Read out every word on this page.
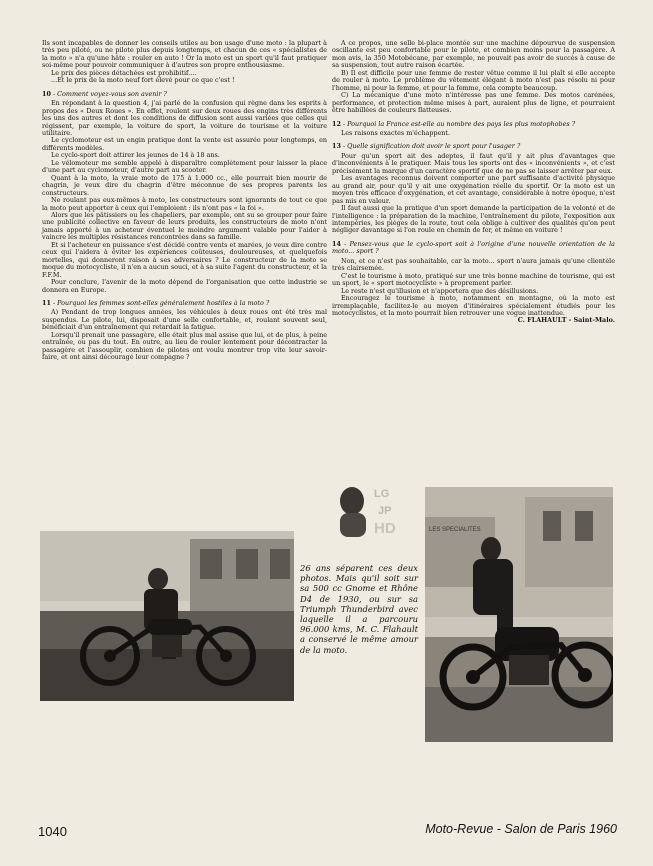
Ils sont incapables de donner les conseils utiles au bon usage d'une moto : la plupart à très peu piloté, ou ne pilote plus depuis longtemps, et chacun de ces « spécialistes de la moto » n'a qu'une hâte : rouler en auto ! Or la moto est un sport qu'il faut pratiquer soi-même pour pouvoir communiquer à d'autres son propre enthousiasme.

Le prix des pièces détachées est prohibitif....

...Et le prix de la moto neuf fort élevé pour ce que c'est !

10 - Comment voyez-vous son avenir ?

En répondant à la question 4, j'ai parlé de la confusion qui règne dans les esprits à propos des « Deux Roues ». En effet, roulent sur deux roues des engins très différents les uns des autres et dont les conditions de diffusion sont aussi variées que celles qui régissent, par exemple, la voiture de sport, la voiture de tourisme et la voiture utilitaire.

Le cyclomoteur est un engin pratique dont la vente est assurée pour longtemps, en différents modèles.

Le cyclo-sport doit attirer les jeunes de 14 à 18 ans.

Le vélomoteur me semble appelé à disparaître complètement pour laisser la place d'une part au cyclomoteur, d'autre part au scooter.

Quant à la moto, la vraie moto de 175 à 1.000 cc., elle pourrait bien mourir de chagrin, je veux dire du chagrin d'être méconnue de ses propres parents les constructeurs.

Ne roulant pas eux-mêmes à moto, les constructeurs sont ignorants de tout ce que la moto peut apporter à ceux qui l'emploient : ils n'ont pas « la foi ».

Alors que les pâtissiers ou les chapeliers, par exemple, ont su se grouper pour faire une publicité collective en faveur de leurs produits, les constructeurs de moto n'ont jamais apporté à un acheteur éventuel le moindre argument valable pour l'aider à vaincre les multiples résistances rencontrées dans sa famille.

Et si l'acheteur en puissance s'est décidé contre vents et marées, je veux dire contre ceux qui l'aidera à éviter les expériences coûteuses, douloureuses, et quelquefois mortelles, qui donneront raison à ses adversaires ? Le constructeur de la moto se moque du motocycliste, il n'en a aucun souci, et à sa suite l'agent du constructeur, et la F.F.M.

Pour conclure, l'avenir de la moto dépend de l'organisation que cette industrie se donnera en Europe.

11 - Pourquoi les femmes sont-elles généralement hostiles à la moto ?

A) Pendant de trop longues années, les véhicules à deux roues ont été très mal suspendus. Le pilote, lui, disposait d'une selle confortable, et, roulant souvent seul, bénéficiait d'un entraînement qui retardait la fatigue.

Lorsqu'il prenait une passagère, elle était plus mal assise que lui, et de plus, à peine entraînée, ou pas du tout. En outre, au lieu de rouler lentement pour décontracter la passagère et l'assouplir, combien de pilotes ont voulu montrer trop vite leur savoir-faire, et ont ainsi découragé leur compagne ?

A ce propos, une selle bi-place montée sur une machine dépourvue de suspension oscillante est peu confortable pour le pilote, et combien moins pour la passagère. A mon avis, la 350 Motobécane, par exemple, ne pouvait pas avoir de succès à cause de sa suspension, tout autre raison écartée.

B) Il est difficile pour une femme de rester vêtue comme il lui plaît si elle accepte de rouler à moto. Le problème du vêtement élégant à moto n'est pas résolu ni pour l'homme, ni pour la femme, et pour la femme, cela compte beaucoup.

C) La mécanique d'une moto n'intéresse pas une femme. Des motos carénées, performance, et protection même mises à part, auraient plus de ligne, et pourraient être habillées de couleurs flatteuses.

12 - Pourquoi la France est-elle au nombre des pays les plus motophobes ?

Les raisons exactes m'échappent.

13 - Quelle signification doit avoir le sport pour l'usager ?

Pour qu'un sport ait des adeptes, il faut qu'il y ait plus d'avantages que d'inconvénients à le pratiquer. Mais tous les sports ont des « inconvénients », et c'est précisément la marque d'un caractère sportif que de ne pas se laisser arrêter par eux.

Les avantages reconnus doivent comporter une part suffisante d'activité physique au grand air, pour qu'il y ait une oxygénation réelle du sportif. Or la moto est un moyen très efficace d'oxygénation, et cet avantage, considérable à notre époque, n'est pas mis en valeur.

Il faut aussi que la pratique d'un sport demande la participation de la volonté et de l'intelligence : la préparation de la machine, l'entraînement du pilote, l'exposition aux intempéries, les pièges de la route, tout cela oblige à cultiver des qualités qu'on peut négliger davantage si l'on roule en chemin de fer, et même en voiture !

14 - Pensez-vous que le cyclo-sport soit à l'origine d'une nouvelle orientation de la moto... sport ?

Non, et ce n'est pas souhaitable, car la moto... sport n'aura jamais qu'une clientèle très clairsemée.

C'est le tourisme à moto, pratiqué sur une très bonne machine de tourisme, qui est un sport, le « sport motocycliste » à proprement parler.

Le reste n'est qu'illusion et n'apportera que des désillusions.

Encouragez le tourisme à moto, notamment en montagne, où la moto est irremplaçable, facilitez-le au moyen d'itinéraires spécialement étudiés pour les motocyclistes, et la moto pourrait bien retrouver une vogue inattendue.

C. FLAHAULT - Saint-Malo.

26 ans séparent ces deux photos. Mais qu'il soit sur sa 500 cc Gnome et Rhône D4 de 1930, ou sur sa Triumph Thunderbird avec laquelle il a parcouru 96.000 kms, M. C. Flahault a conservé le même amour de la moto.
LG
JP
HD	LES SPECIALITES
1040	Moto-Revue - Salon de Paris 1960
